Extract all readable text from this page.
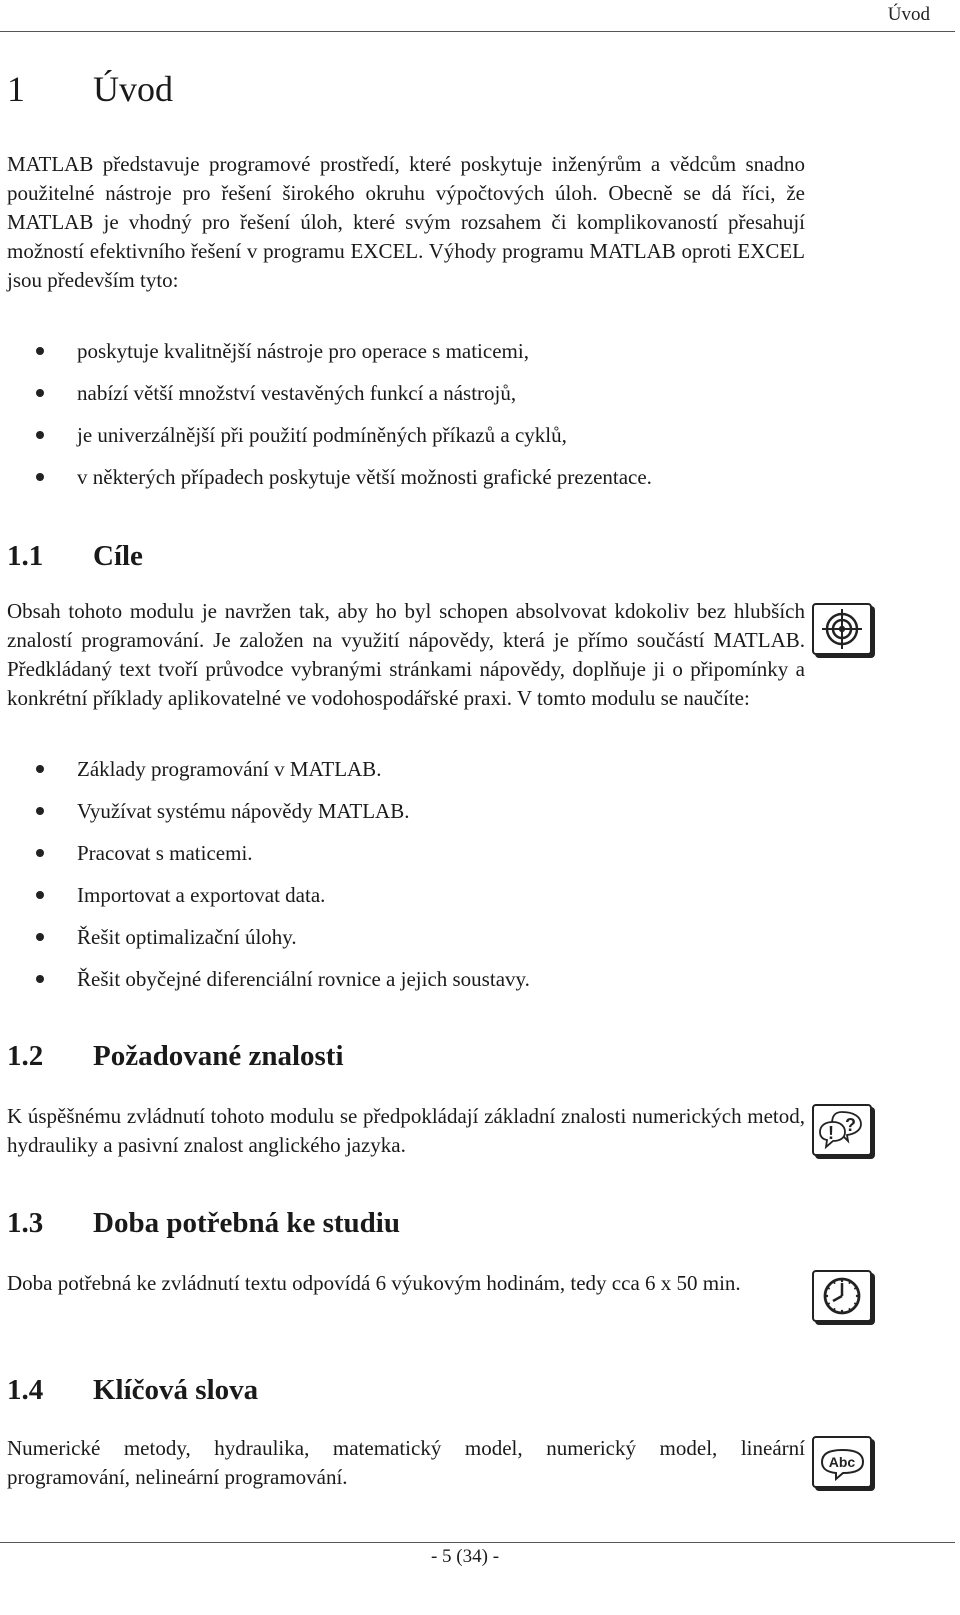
Úvod
1 Úvod

MATLAB představuje programové prostředí, které poskytuje inženýrům a vědcům snadno použitelné nástroje pro řešení širokého okruhu výpočtových úloh. Obecně se dá říci, že MATLAB je vhodný pro řešení úloh, které svým rozsahem či komplikovaností přesahují možností efektivního řešení v programu EXCEL. Výhody programu MATLAB oproti EXCEL jsou především tyto:

poskytuje kvalitnější nástroje pro operace s maticemi,
nabízí větší množství vestavěných funkcí a nástrojů,
je univerzálnější při použití podmíněných příkazů a cyklů,
v některých případech poskytuje větší možnosti grafické prezentace.
1.1 Cíle

Obsah tohoto modulu je navržen tak, aby ho byl schopen absolvovat kdokoliv bez hlubších znalostí programování. Je založen na využití nápovědy, která je přímo součástí MATLAB. Předkládaný text tvoří průvodce vybranými stránkami nápovědy, doplňuje ji o připomínky a konkrétní příklady aplikovatelné ve vodohospodářské praxi. V tomto modulu se naučíte:

Základy programování v MATLAB.
Využívat systému nápovědy MATLAB.
Pracovat s maticemi.
Importovat a exportovat data.
Řešit optimalizační úlohy.
Řešit obyčejné diferenciální rovnice a jejich soustavy.
1.2 Požadované znalosti

K úspěšnému zvládnutí tohoto modulu se předpokládají základní znalosti numerických metod, hydrauliky a pasivní znalost anglického jazyka.

1.3 Doba potřebná ke studiu

Doba potřebná ke zvládnutí textu odpovídá 6 výukovým hodinám, tedy cca 6 x 50 min.

1.4 Klíčová slova

Numerické metody, hydraulika, matematický model, numerický model, lineární programování, nelineární programování.

?
!
Abc
- 5 (34) -
